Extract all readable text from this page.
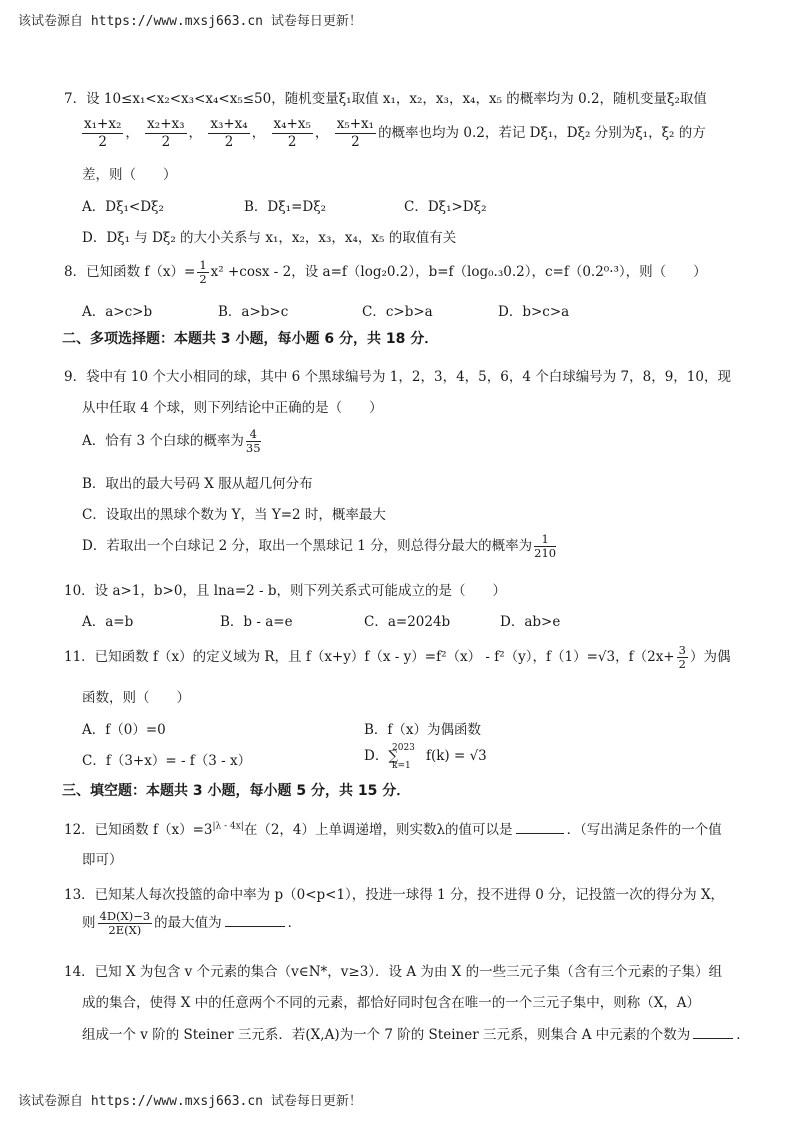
该试卷源自 https://www.mxsj663.cn 试卷每日更新！
7．设 10≤x₁<x₂<x₃<x₄<x₅≤50，随机变量ξ₁取值 x₁，x₂，x₃，x₄，x₅ 的概率均为 0.2，随机变量ξ₂取值
$\frac{\text{x₁+x₂}}{2}$ ， $\frac{\text{x₂+x₃}}{2}$ ， $\frac{\text{x₃+x₄}}{2}$ ， $\frac{\text{x₄+x₅}}{2}$ ， $\frac{\text{x₅+x₁}}{2}$ 的概率也均为 0.2，若记 Dξ₁，Dξ₂ 分别为ξ₁，ξ₂ 的方
差，则（　　）
A．Dξ₁<Dξ₂	B．Dξ₁=Dξ₂	C．Dξ₁>Dξ₂
D．Dξ₁ 与 Dξ₂ 的大小关系与 x₁，x₂，x₃，x₄，x₅ 的取值有关
8．已知函数 $f(x)= \frac{1}{2} x^2 +\cos x - 2$，设 a=f（log₂0.2），b=f（log₀.₃0.2），c=f（0.2⁰·³），则（　　）
A．a>c>b	B．a>b>c	C．c>b>a	D．b>c>a
二、多项选择题：本题共 3 小题，每小题 6 分，共 18 分．
9．袋中有 10 个大小相同的球，其中 6 个黑球编号为 1，2，3，4，5，6，4 个白球编号为 7，8，9，10，现
从中任取 4 个球，则下列结论中正确的是（　　）
A．恰有 3 个白球的概率为 $\frac{4}{35}$
B．取出的最大号码 X 服从超几何分布
C．设取出的黑球个数为 Y，当 Y=2 时，概率最大
D．若取出一个白球记 2 分，取出一个黑球记 1 分，则总得分最大的概率为 $\frac{1}{210}$
10．设 a>1，b>0，且 lna=2 - b，则下列关系式可能成立的是（　　）
A．a=b	B．b - a=e	C．a=2024b	D．ab>e
11．已知函数 f（x）的定义域为 R，且 f（x+y）f（x - y）=f²（x） - f²（y），f（1）=√3，$f(2x+ \frac{3}{2}$ ）为偶
函数，则（　　）
A．f（0）=0	B．f（x）为偶函数
C．f（3+x）= - f（3 - x）	D．∑
2023
k=1
f(k) = √3
三、填空题：本题共 3 小题，每小题 5 分，共 15 分．
12．已知函数 $f(x)=3^{|\lambda - 4x|}$在（2，4）上单调递增，则实数λ的值可以是	．（写出满足条件的一个值
即可）
13．已知某人每次投篮的命中率为 p（0<p<1），投进一球得 1 分，投不进得 0 分，记投篮一次的得分为 X，
则 $\frac{4D(X)-3}{2E(X)}$ 的最大值为	．
14．已知 X 为包含 v 个元素的集合（v∈N*，v≥3）．设 A 为由 X 的一些三元子集（含有三个元素的子集）组
成的集合，使得 X 中的任意两个不同的元素，都恰好同时包含在唯一的一个三元子集中，则称（X，A）
组成一个 v 阶的 Steiner 三元系．若(X,A)为一个 7 阶的 Steiner 三元系，则集合 A 中元素的个数为	．
该试卷源自 https://www.mxsj663.cn 试卷每日更新！
